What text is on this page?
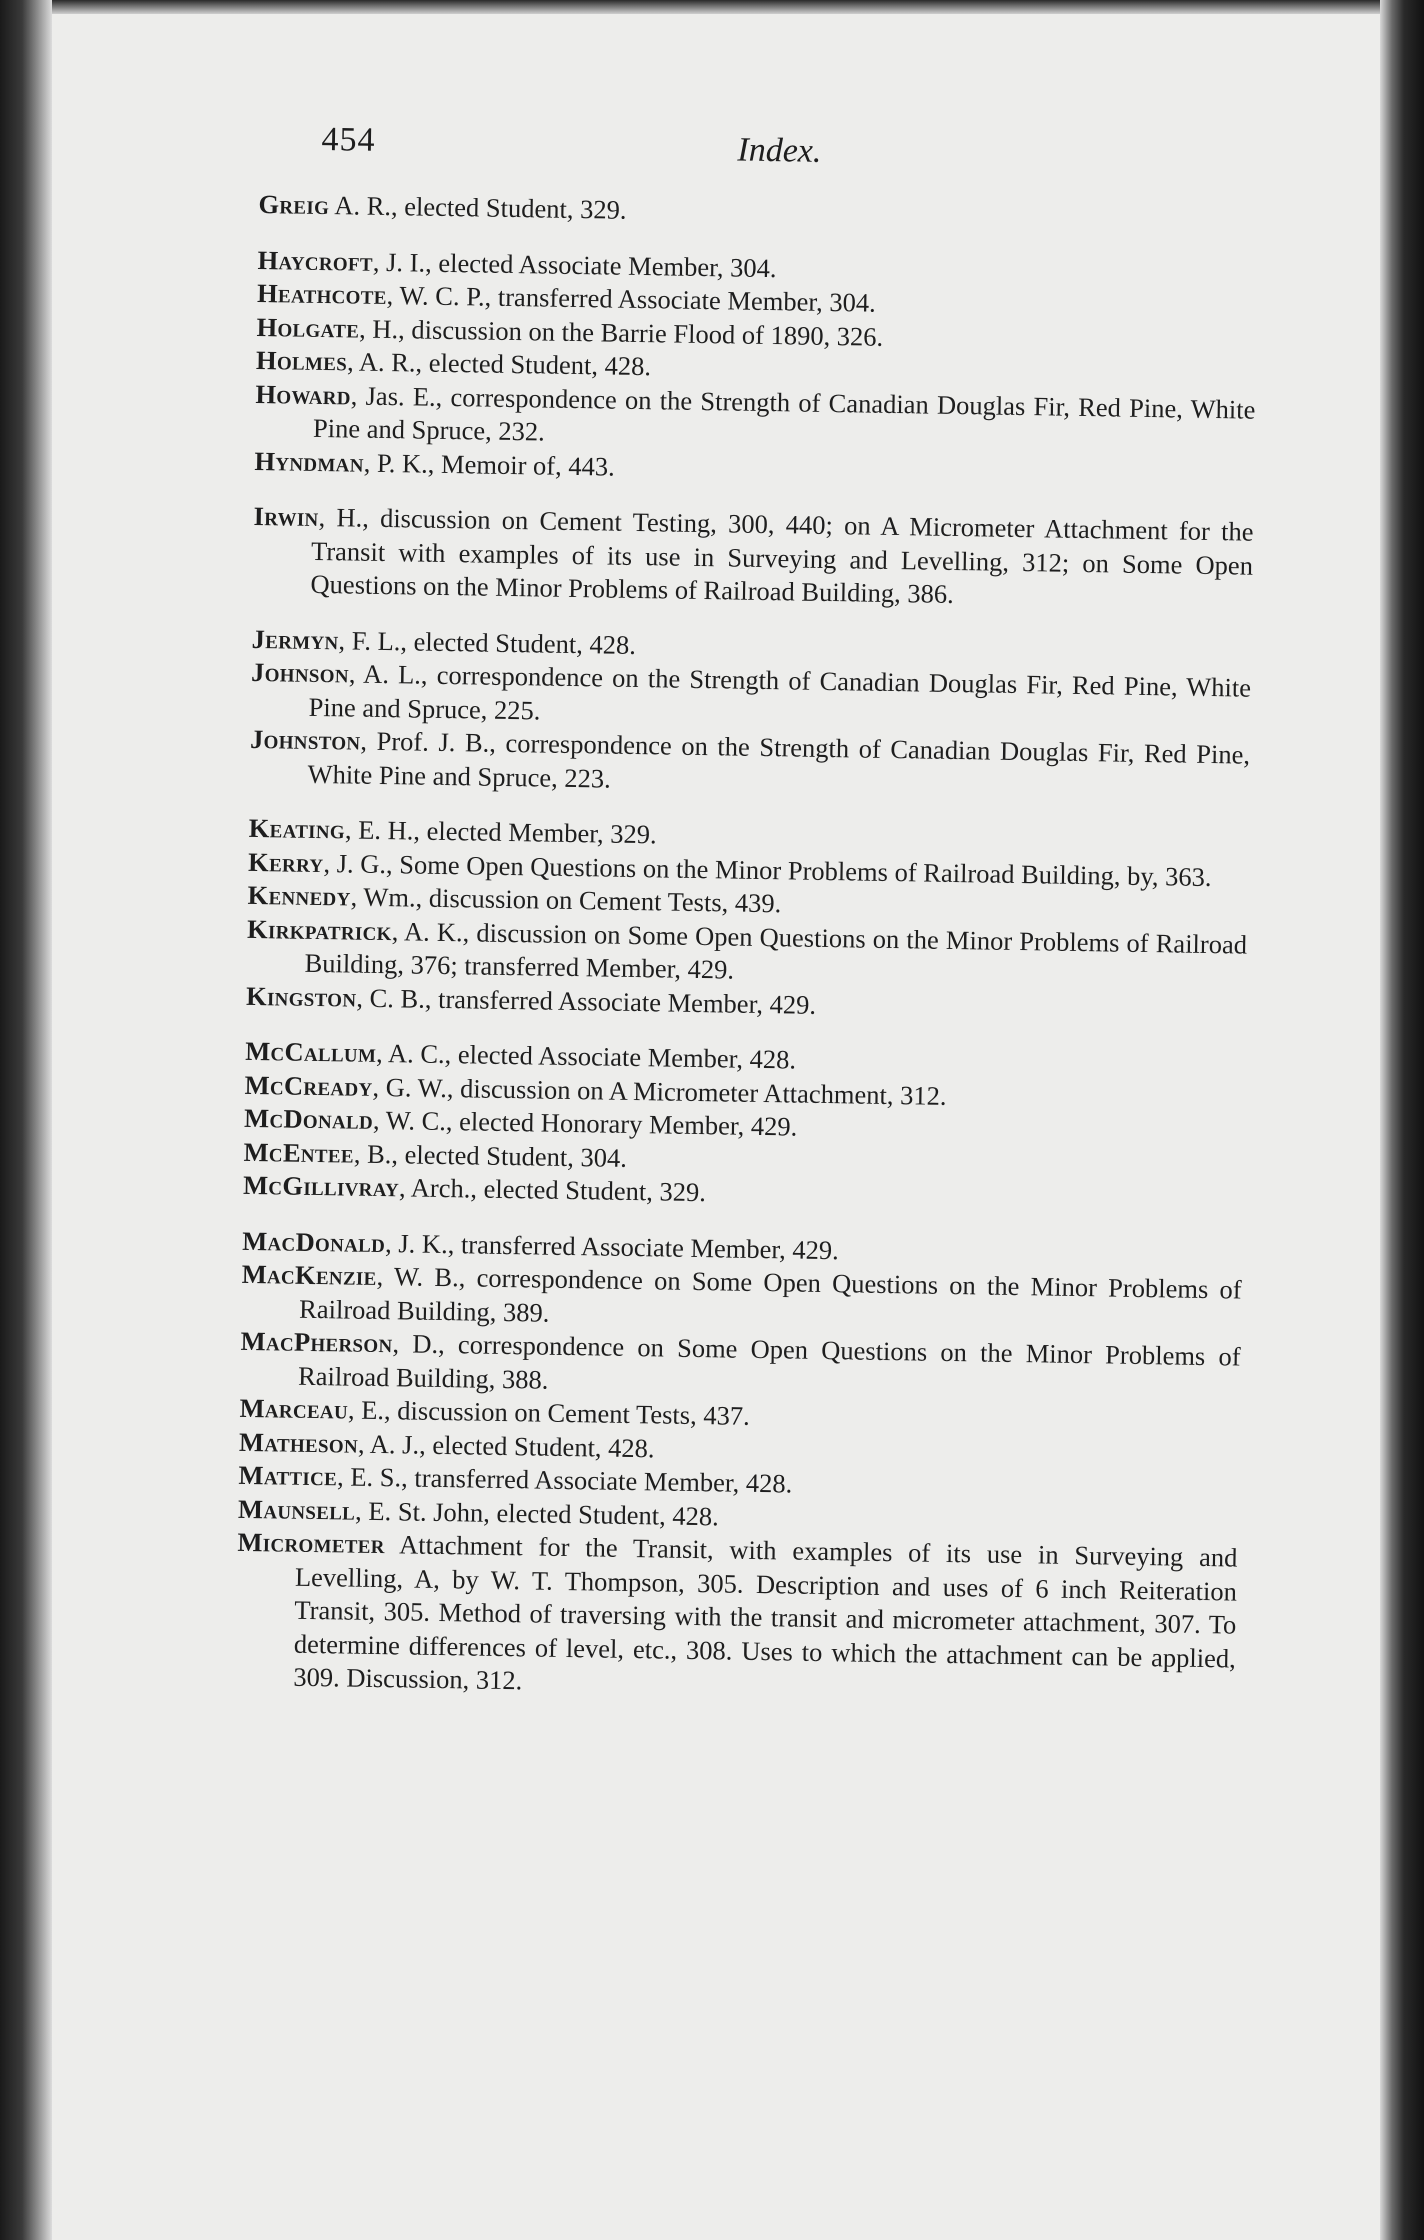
454	Index.
Greig A. R., elected Student, 329.
Haycroft, J. I., elected Associate Member, 304.
Heathcote, W. C. P., transferred Associate Member, 304.
Holgate, H., discussion on the Barrie Flood of 1890, 326.
Holmes, A. R., elected Student, 428.
Howard, Jas. E., correspondence on the Strength of Canadian Douglas Fir, Red Pine, White Pine and Spruce, 232.
Hyndman, P. K., Memoir of, 443.
Irwin, H., discussion on Cement Testing, 300, 440; on A Micrometer Attachment for the Transit with examples of its use in Surveying and Levelling, 312; on Some Open Questions on the Minor Problems of Railroad Building, 386.
Jermyn, F. L., elected Student, 428.
Johnson, A. L., correspondence on the Strength of Canadian Douglas Fir, Red Pine, White Pine and Spruce, 225.
Johnston, Prof. J. B., correspondence on the Strength of Canadian Douglas Fir, Red Pine, White Pine and Spruce, 223.
Keating, E. H., elected Member, 329.
Kerry, J. G., Some Open Questions on the Minor Problems of Railroad Building, by, 363.
Kennedy, Wm., discussion on Cement Tests, 439.
Kirkpatrick, A. K., discussion on Some Open Questions on the Minor Problems of Railroad Building, 376; transferred Member, 429.
Kingston, C. B., transferred Associate Member, 429.
McCallum, A. C., elected Associate Member, 428.
McCready, G. W., discussion on A Micrometer Attachment, 312.
McDonald, W. C., elected Honorary Member, 429.
McEntee, B., elected Student, 304.
McGillivray, Arch., elected Student, 329.
MacDonald, J. K., transferred Associate Member, 429.
MacKenzie, W. B., correspondence on Some Open Questions on the Minor Problems of Railroad Building, 389.
MacPherson, D., correspondence on Some Open Questions on the Minor Problems of Railroad Building, 388.
Marceau, E., discussion on Cement Tests, 437.
Matheson, A. J., elected Student, 428.
Mattice, E. S., transferred Associate Member, 428.
Maunsell, E. St. John, elected Student, 428.
Micrometer Attachment for the Transit, with examples of its use in Surveying and Levelling, A, by W. T. Thompson, 305. Description and uses of 6 inch Reiteration Transit, 305. Method of traversing with the transit and micrometer attachment, 307. To determine differences of level, etc., 308. Uses to which the attachment can be applied, 309. Discussion, 312.
